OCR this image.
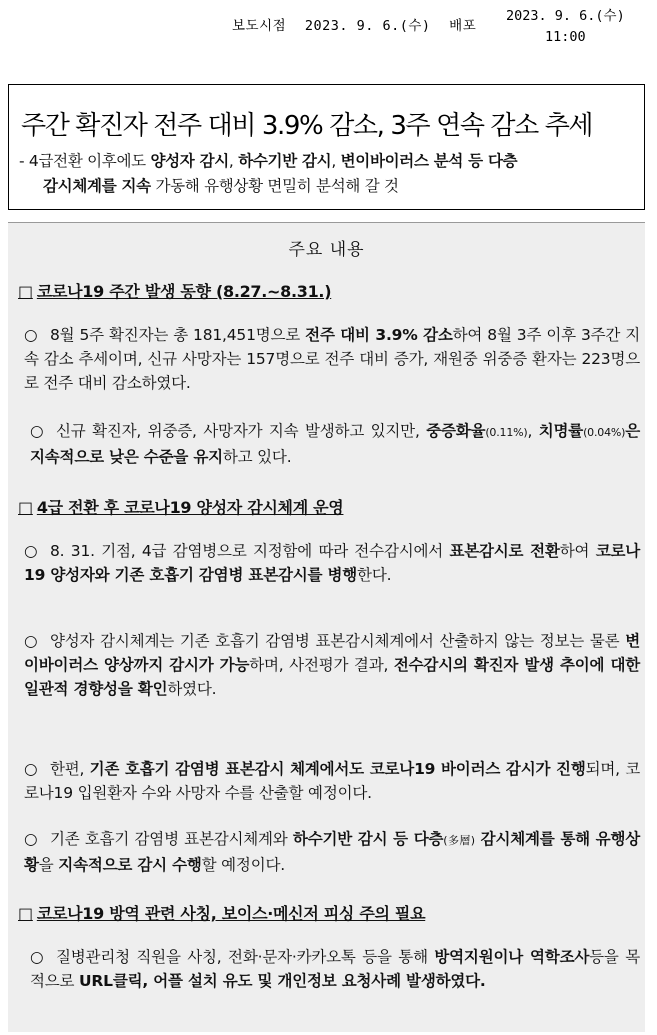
보도시점 2023. 9. 6.(수) 배포
2023. 9. 6.(수)
11:00
주간 확진자 전주 대비 3.9% 감소, 3주 연속 감소 추세
- 4급전환 이후에도 양성자 감시, 하수기반 감시, 변이바이러스 분석 등 다층
감시체계를 지속 가동해 유행상황 면밀히 분석해 갈 것
주요 내용
□ 코로나19 주간 발생 동향 (8.27.~8.31.)
○ 8월 5주 확진자는 총 181,451명으로 전주 대비 3.9% 감소하여 8월 3주 이후 3주간 지속 감소 추세이며, 신규 사망자는 157명으로 전주 대비 증가, 재원중 위중증 환자는 223명으로 전주 대비 감소하였다.
○ 신규 확진자, 위중증, 사망자가 지속 발생하고 있지만, 중증화율(0.11%), 치명률(0.04%)은 지속적으로 낮은 수준을 유지하고 있다.
□ 4급 전환 후 코로나19 양성자 감시체계 운영
○ 8. 31. 기점, 4급 감염병으로 지정함에 따라 전수감시에서 표본감시로 전환하여 코로나19 양성자와 기존 호흡기 감염병 표본감시를 병행한다.
○ 양성자 감시체계는 기존 호흡기 감염병 표본감시체계에서 산출하지 않는 정보는 물론 변이바이러스 양상까지 감시가 가능하며, 사전평가 결과, 전수감시의 확진자 발생 추이에 대한 일관적 경향성을 확인하였다.
○ 한편, 기존 호흡기 감염병 표본감시 체계에서도 코로나19 바이러스 감시가 진행되며, 코로나19 입원환자 수와 사망자 수를 산출할 예정이다.
○ 기존 호흡기 감염병 표본감시체계와 하수기반 감시 등 다층(多層) 감시체계를 통해 유행상황을 지속적으로 감시 수행할 예정이다.
□ 코로나19 방역 관련 사칭, 보이스·메신저 피싱 주의 필요
○ 질병관리청 직원을 사칭, 전화·문자·카카오톡 등을 통해 방역지원이나 역학조사등을 목적으로 URL클릭, 어플 설치 유도 및 개인정보 요청사례 발생하였다.
